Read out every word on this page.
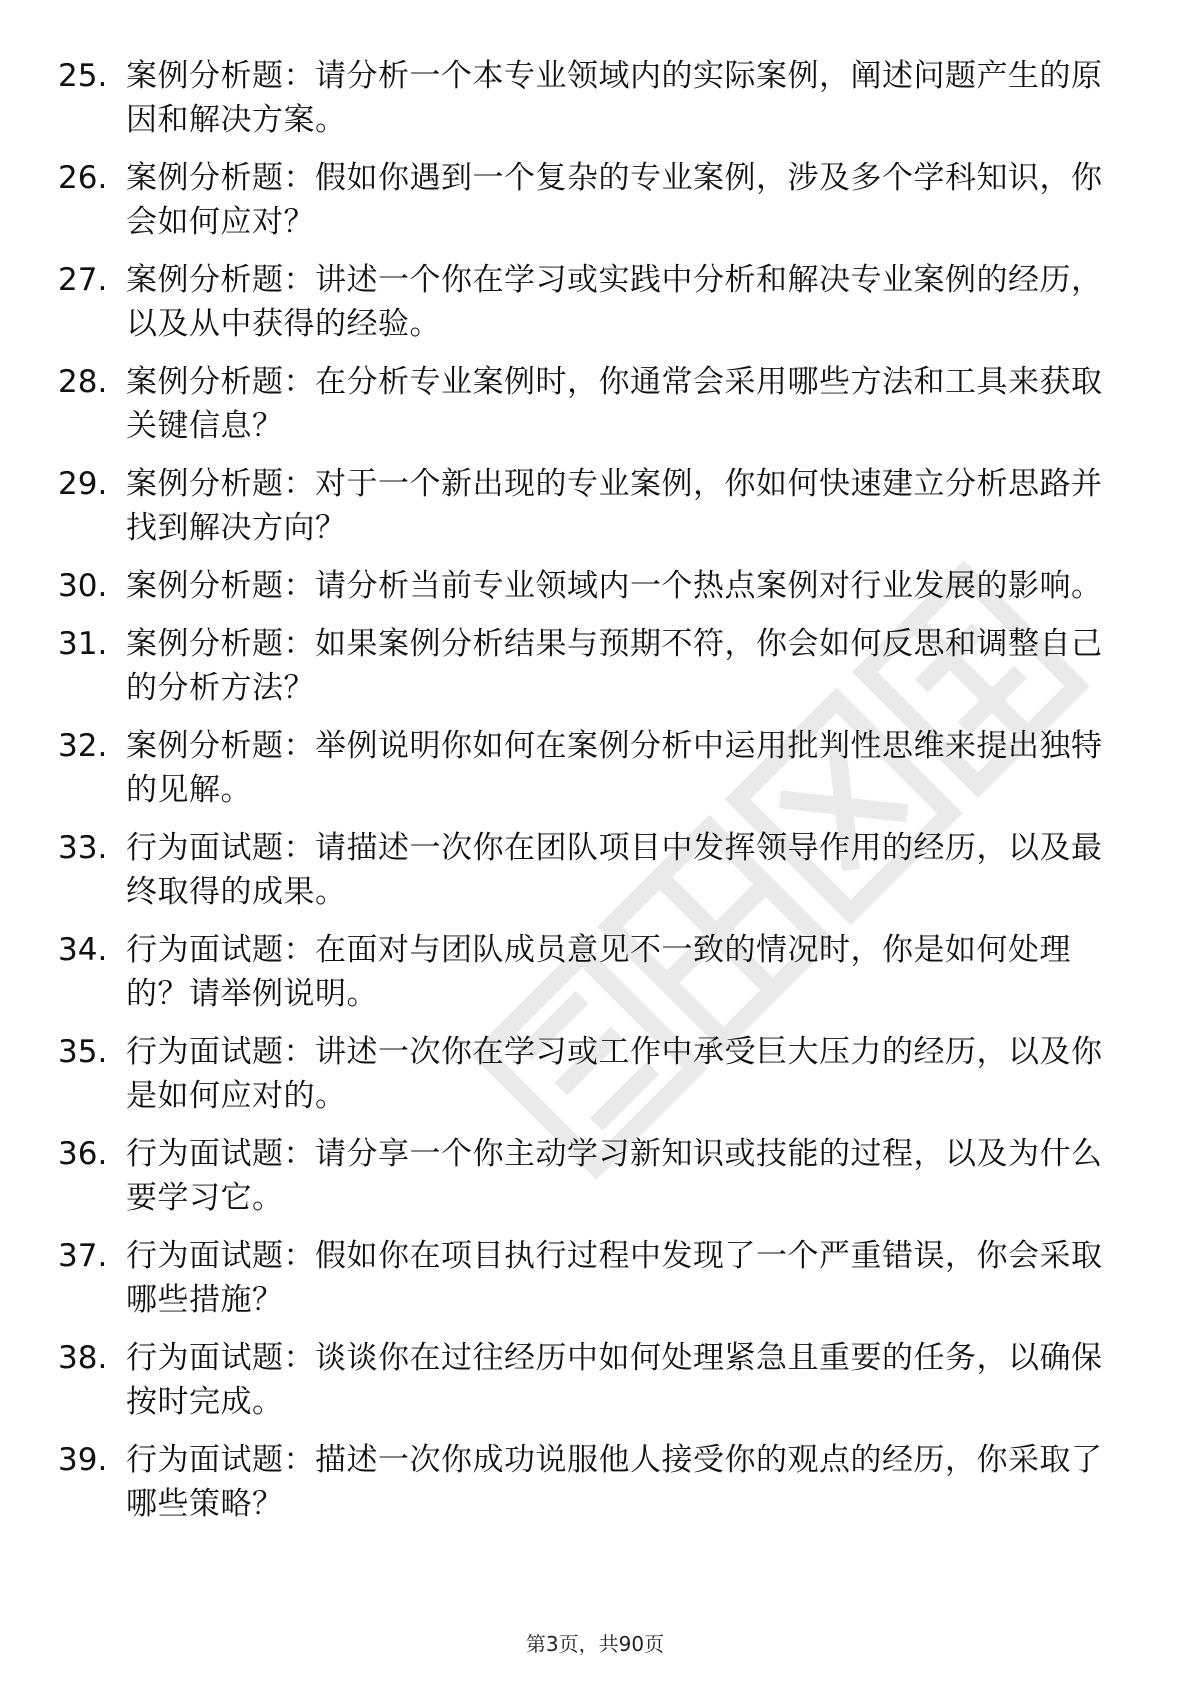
25. 案例分析题：请分析一个本专业领域内的实际案例，阐述问题产生的原因和解决方案。
26. 案例分析题：假如你遇到一个复杂的专业案例，涉及多个学科知识，你会如何应对？
27. 案例分析题：讲述一个你在学习或实践中分析和解决专业案例的经历，以及从中获得的经验。
28. 案例分析题：在分析专业案例时，你通常会采用哪些方法和工具来获取关键信息？
29. 案例分析题：对于一个新出现的专业案例，你如何快速建立分析思路并找到解决方向？
30. 案例分析题：请分析当前专业领域内一个热点案例对行业发展的影响。
31. 案例分析题：如果案例分析结果与预期不符，你会如何反思和调整自己的分析方法？
32. 案例分析题：举例说明你如何在案例分析中运用批判性思维来提出独特的见解。
33. 行为面试题：请描述一次你在团队项目中发挥领导作用的经历，以及最终取得的成果。
34. 行为面试题：在面对与团队成员意见不一致的情况时，你是如何处理的？请举例说明。
35. 行为面试题：讲述一次你在学习或工作中承受巨大压力的经历，以及你是如何应对的。
36. 行为面试题：请分享一个你主动学习新知识或技能的过程，以及为什么要学习它。
37. 行为面试题：假如你在项目执行过程中发现了一个严重错误，你会采取哪些措施？
38. 行为面试题：谈谈你在过往经历中如何处理紧急且重要的任务，以确保按时完成。
39. 行为面试题：描述一次你成功说服他人接受你的观点的经历，你采取了哪些策略？
第3页，共90页
